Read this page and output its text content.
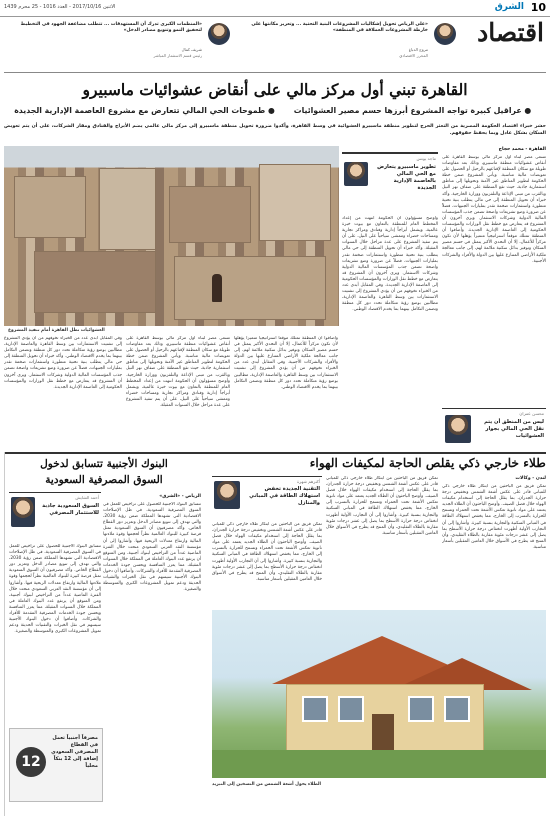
10
الشرق
الاثنين 2017/10/16 - العدد 1016 - 25 محرم 1439
اقتصاد
«على الرياض تحويل إشكاليات المشروعات البنية التحتية ... وتعزيز مكانتها على خارطة المشروعات العملاقة في المنطقة»
مروج الدباغ
المحرر الاقتصادي
«المنظمات الكبرى تدرك أن المستهدفات ... تتطلب مضاعفة الجهود في التخطيط لتحقيق النمو وتنويع مصادر الدخل»
شريف كمال
رئيس قسم الاستثمار المباشر
القاهرة تبني أول مركز مالي على أنقاض عشوائيات ماسبيرو
● عراقيل كبيرة تواجه المشروع أبرزها حسم مصير العشوائيات
● طموحات الحي المالي تتعارض مع مشروع العاصمة الإدارية الجديدة
حشر خبراء اقتصاد الحكومة المصرية من التعثر الحرج لتطوير منطقة ماسبيرو العشوائية في وسط القاهرة، وأكدوا ضرورة تحويل منطقة ماسبيرو إلى مركز مالي عالمي يضم الأبراج والفنادق ومقار الشركات، على أن يتم تعويض السكان بشكل عادل وبما يحفظ حقوقهم.
القاهرة - محمد حجاج
العشوائيات تطل القاهرة أمام تنفيذ المشروع
تسعى مصر لبناء أول مركز مالي بوسط القاهرة على أنقاض عشوائيات منطقة ماسبيرو، وذلك بعد مفاوضات طويلة مع سكان المنطقة لإقناعهم بالرحيل أو الحصول على تعويضات مالية مناسبة. ويأتي المشروع ضمن خطة الحكومة لتطوير المناطق غير الآمنة وتحويلها إلى مناطق استثمارية جاذبة، حيث تقع المنطقة على ضفاف نهر النيل وبالقرب من مبنى الإذاعة والتلفزيون ووزارة الخارجية. وأكد خبراء أن تحويل المنطقة إلى حي مالي يتطلب بنية تحتية متطورة واستثمارات ضخمة تقدر بمليارات الجنيهات، فضلاً عن ضرورة وضع تشريعات واضحة تضمن جذب المؤسسات المالية الدولية وشركات الاستثمار. ويرى آخرون أن المشروع قد يتعارض مع خطط نقل الوزارات والمؤسسات الحكومية إلى العاصمة الإدارية الجديدة. وأضافوا أن المنطقة تمتلك موقعاً استراتيجياً متميزاً يؤهلها لأن تكون مركزاً للأعمال، إلا أن التحدي الأكبر يتمثل في حسم مصير السكان وتوفير بدائل سكنية ملائمة لهم، إلى جانب معالجة ملكية الأراضي المتنازع عليها بين الدولة والأفراد والشركات الأجنبية.
ماجد يونس
تطوير ماسبيرو يتعارض مع الحي المالي بالعاصمة الإدارية الجديدة
وأوضح مسؤولون أن الحكومة انتهت من إعداد المخطط العام للمنطقة بالتعاون مع بيوت خبرة عالمية، ويشمل أبراجاً إدارية وفنادق ومراكز تجارية ومساحات خضراء وممشى سياحياً على النيل، على أن يتم تنفيذ المشروع على عدة مراحل خلال السنوات المقبلة. وأكد خبراء أن تحويل المنطقة إلى حي مالي يتطلب بنية تحتية متطورة واستثمارات ضخمة تقدر بمليارات الجنيهات، فضلاً عن ضرورة وضع تشريعات واضحة تضمن جذب المؤسسات المالية الدولية وشركات الاستثمار. ويرى آخرون أن المشروع قد يتعارض مع خطط نقل الوزارات والمؤسسات الحكومية إلى العاصمة الإدارية الجديدة. وفي المقابل أبدى عدد من الخبراء تخوفهم من أن يؤدي المشروع إلى تشتيت الاستثمارات بين وسط القاهرة والعاصمة الإدارية، مطالبين بوضع رؤية متكاملة تحدد دور كل منطقة وتضمن التكامل بينهما بما يخدم الاقتصاد الوطني.
محسن عمران
ليس من المنطق أن يتم نقل الحي المالي بجوار العشوائيات
وأضافوا أن المنطقة تمتلك موقعاً استراتيجياً متميزاً يؤهلها لأن تكون مركزاً للأعمال، إلا أن التحدي الأكبر يتمثل في حسم مصير السكان وتوفير بدائل سكنية ملائمة لهم، إلى جانب معالجة ملكية الأراضي المتنازع عليها بين الدولة والأفراد والشركات الأجنبية. وفي المقابل أبدى عدد من الخبراء تخوفهم من أن يؤدي المشروع إلى تشتيت الاستثمارات بين وسط القاهرة والعاصمة الإدارية، مطالبين بوضع رؤية متكاملة تحدد دور كل منطقة وتضمن التكامل بينهما بما يخدم الاقتصاد الوطني.
تسعى مصر لبناء أول مركز مالي بوسط القاهرة على أنقاض عشوائيات منطقة ماسبيرو، وذلك بعد مفاوضات طويلة مع سكان المنطقة لإقناعهم بالرحيل أو الحصول على تعويضات مالية مناسبة. ويأتي المشروع ضمن خطة الحكومة لتطوير المناطق غير الآمنة وتحويلها إلى مناطق استثمارية جاذبة، حيث تقع المنطقة على ضفاف نهر النيل وبالقرب من مبنى الإذاعة والتلفزيون ووزارة الخارجية. وأوضح مسؤولون أن الحكومة انتهت من إعداد المخطط العام للمنطقة بالتعاون مع بيوت خبرة عالمية، ويشمل أبراجاً إدارية وفنادق ومراكز تجارية ومساحات خضراء وممشى سياحياً على النيل، على أن يتم تنفيذ المشروع على عدة مراحل خلال السنوات المقبلة.
وفي المقابل أبدى عدد من الخبراء تخوفهم من أن يؤدي المشروع إلى تشتيت الاستثمارات بين وسط القاهرة والعاصمة الإدارية، مطالبين بوضع رؤية متكاملة تحدد دور كل منطقة وتضمن التكامل بينهما بما يخدم الاقتصاد الوطني. وأكد خبراء أن تحويل المنطقة إلى حي مالي يتطلب بنية تحتية متطورة واستثمارات ضخمة تقدر بمليارات الجنيهات، فضلاً عن ضرورة وضع تشريعات واضحة تضمن جذب المؤسسات المالية الدولية وشركات الاستثمار. ويرى آخرون أن المشروع قد يتعارض مع خطط نقل الوزارات والمؤسسات الحكومية إلى العاصمة الإدارية الجديدة.
طلاء خارجي ذكي يقلص الحاجة لمكيفات الهواء
لندن - وكالات
تمكن فريق من الباحثين من ابتكار طلاء خارجي ذكي للمباني قادر على عكس أشعة الشمس وتخفيض درجة حرارة الجدران، بما يقلل الحاجة إلى استخدام مكيفات الهواء خلال فصل الصيف. وأوضح الباحثون أن الطلاء الجديد يعتمد على مواد نانوية تعكس الأشعة تحت الحمراء وتسمح للحرارة بالتسرب إلى الخارج، مما يخفض استهلاك الطاقة في المباني السكنية والتجارية بنسبة كبيرة. وأشاروا إلى أن التجارب الأولية أظهرت انخفاض درجة حرارة الأسطح بما يصل إلى عشر درجات مئوية مقارنة بالطلاء التقليدي، وأن المنتج قد يطرح في الأسواق خلال العامين المقبلين بأسعار مناسبة.
تمكن فريق من الباحثين من ابتكار طلاء خارجي ذكي للمباني قادر على عكس أشعة الشمس وتخفيض درجة حرارة الجدران، بما يقلل الحاجة إلى استخدام مكيفات الهواء خلال فصل الصيف. وأوضح الباحثون أن الطلاء الجديد يعتمد على مواد نانوية تعكس الأشعة تحت الحمراء وتسمح للحرارة بالتسرب إلى الخارج، مما يخفض استهلاك الطاقة في المباني السكنية والتجارية بنسبة كبيرة. وأشاروا إلى أن التجارب الأولية أظهرت انخفاض درجة حرارة الأسطح بما يصل إلى عشر درجات مئوية مقارنة بالطلاء التقليدي، وأن المنتج قد يطرح في الأسواق خلال العامين المقبلين بأسعار مناسبة.
أكثرهم شهرة
التقنية الجديدة تخفض استهلاك الطاقة في المباني والمنازل
تمكن فريق من الباحثين من ابتكار طلاء خارجي ذكي للمباني قادر على عكس أشعة الشمس وتخفيض درجة حرارة الجدران، بما يقلل الحاجة إلى استخدام مكيفات الهواء خلال فصل الصيف. وأوضح الباحثون أن الطلاء الجديد يعتمد على مواد نانوية تعكس الأشعة تحت الحمراء وتسمح للحرارة بالتسرب إلى الخارج، مما يخفض استهلاك الطاقة في المباني السكنية والتجارية بنسبة كبيرة. وأشاروا إلى أن التجارب الأولية أظهرت انخفاض درجة حرارة الأسطح بما يصل إلى عشر درجات مئوية مقارنة بالطلاء التقليدي، وأن المنتج قد يطرح في الأسواق خلال العامين المقبلين بأسعار مناسبة.
الطلاء يحول أشعة الشمس من التسخين إلى التبريد
البنوك الأجنبية تتسابق لدخول
السوق المصرفية السعودية
الرياض - «الشرق»
تتسابق البنوك الأجنبية للحصول على تراخيص للعمل في السوق المصرفية السعودية، في ظل الإصلاحات الاقتصادية التي تشهدها المملكة ضمن رؤية 2030، والتي تهدف إلى تنويع مصادر الدخل وتعزيز دور القطاع الخاص. وأكد مصرفيون أن السوق السعودية تمثل فرصة كبيرة للبنوك العالمية نظراً لحجمها وقوة ملاءتها المالية وارتفاع معدلات الربحية فيها. وأشاروا إلى أن مؤسسة النقد العربي السعودي منحت خلال الفترة الماضية عدداً من التراخيص لبنوك أجنبية، ومن المتوقع أن يرتفع عدد البنوك العاملة في المملكة خلال السنوات المقبلة، مما يعزز المنافسة ويحسن جودة الخدمات المصرفية المقدمة للأفراد والشركات. وأضافوا أن دخول البنوك الأجنبية سيسهم في نقل الخبرات والتقنيات الحديثة ودعم تمويل المشروعات الكبرى والمتوسطة والصغيرة.
أحمد الشايش
السوق السعودية جاذبة للاستثمار المصرفي
تتسابق البنوك الأجنبية للحصول على تراخيص للعمل في السوق المصرفية السعودية، في ظل الإصلاحات الاقتصادية التي تشهدها المملكة ضمن رؤية 2030، والتي تهدف إلى تنويع مصادر الدخل وتعزيز دور القطاع الخاص. وأكد مصرفيون أن السوق السعودية تمثل فرصة كبيرة للبنوك العالمية نظراً لحجمها وقوة ملاءتها المالية وارتفاع معدلات الربحية فيها. وأشاروا إلى أن مؤسسة النقد العربي السعودي منحت خلال الفترة الماضية عدداً من التراخيص لبنوك أجنبية، ومن المتوقع أن يرتفع عدد البنوك العاملة في المملكة خلال السنوات المقبلة، مما يعزز المنافسة ويحسن جودة الخدمات المصرفية المقدمة للأفراد والشركات. وأضافوا أن دخول البنوك الأجنبية سيسهم في نقل الخبرات والتقنيات الحديثة ودعم تمويل المشروعات الكبرى والمتوسطة والصغيرة.
12
مصرفاً أجنبياً تعمل في القطاع المصرفي السعودي إضافة إلى 12 بنكاً محلياً
